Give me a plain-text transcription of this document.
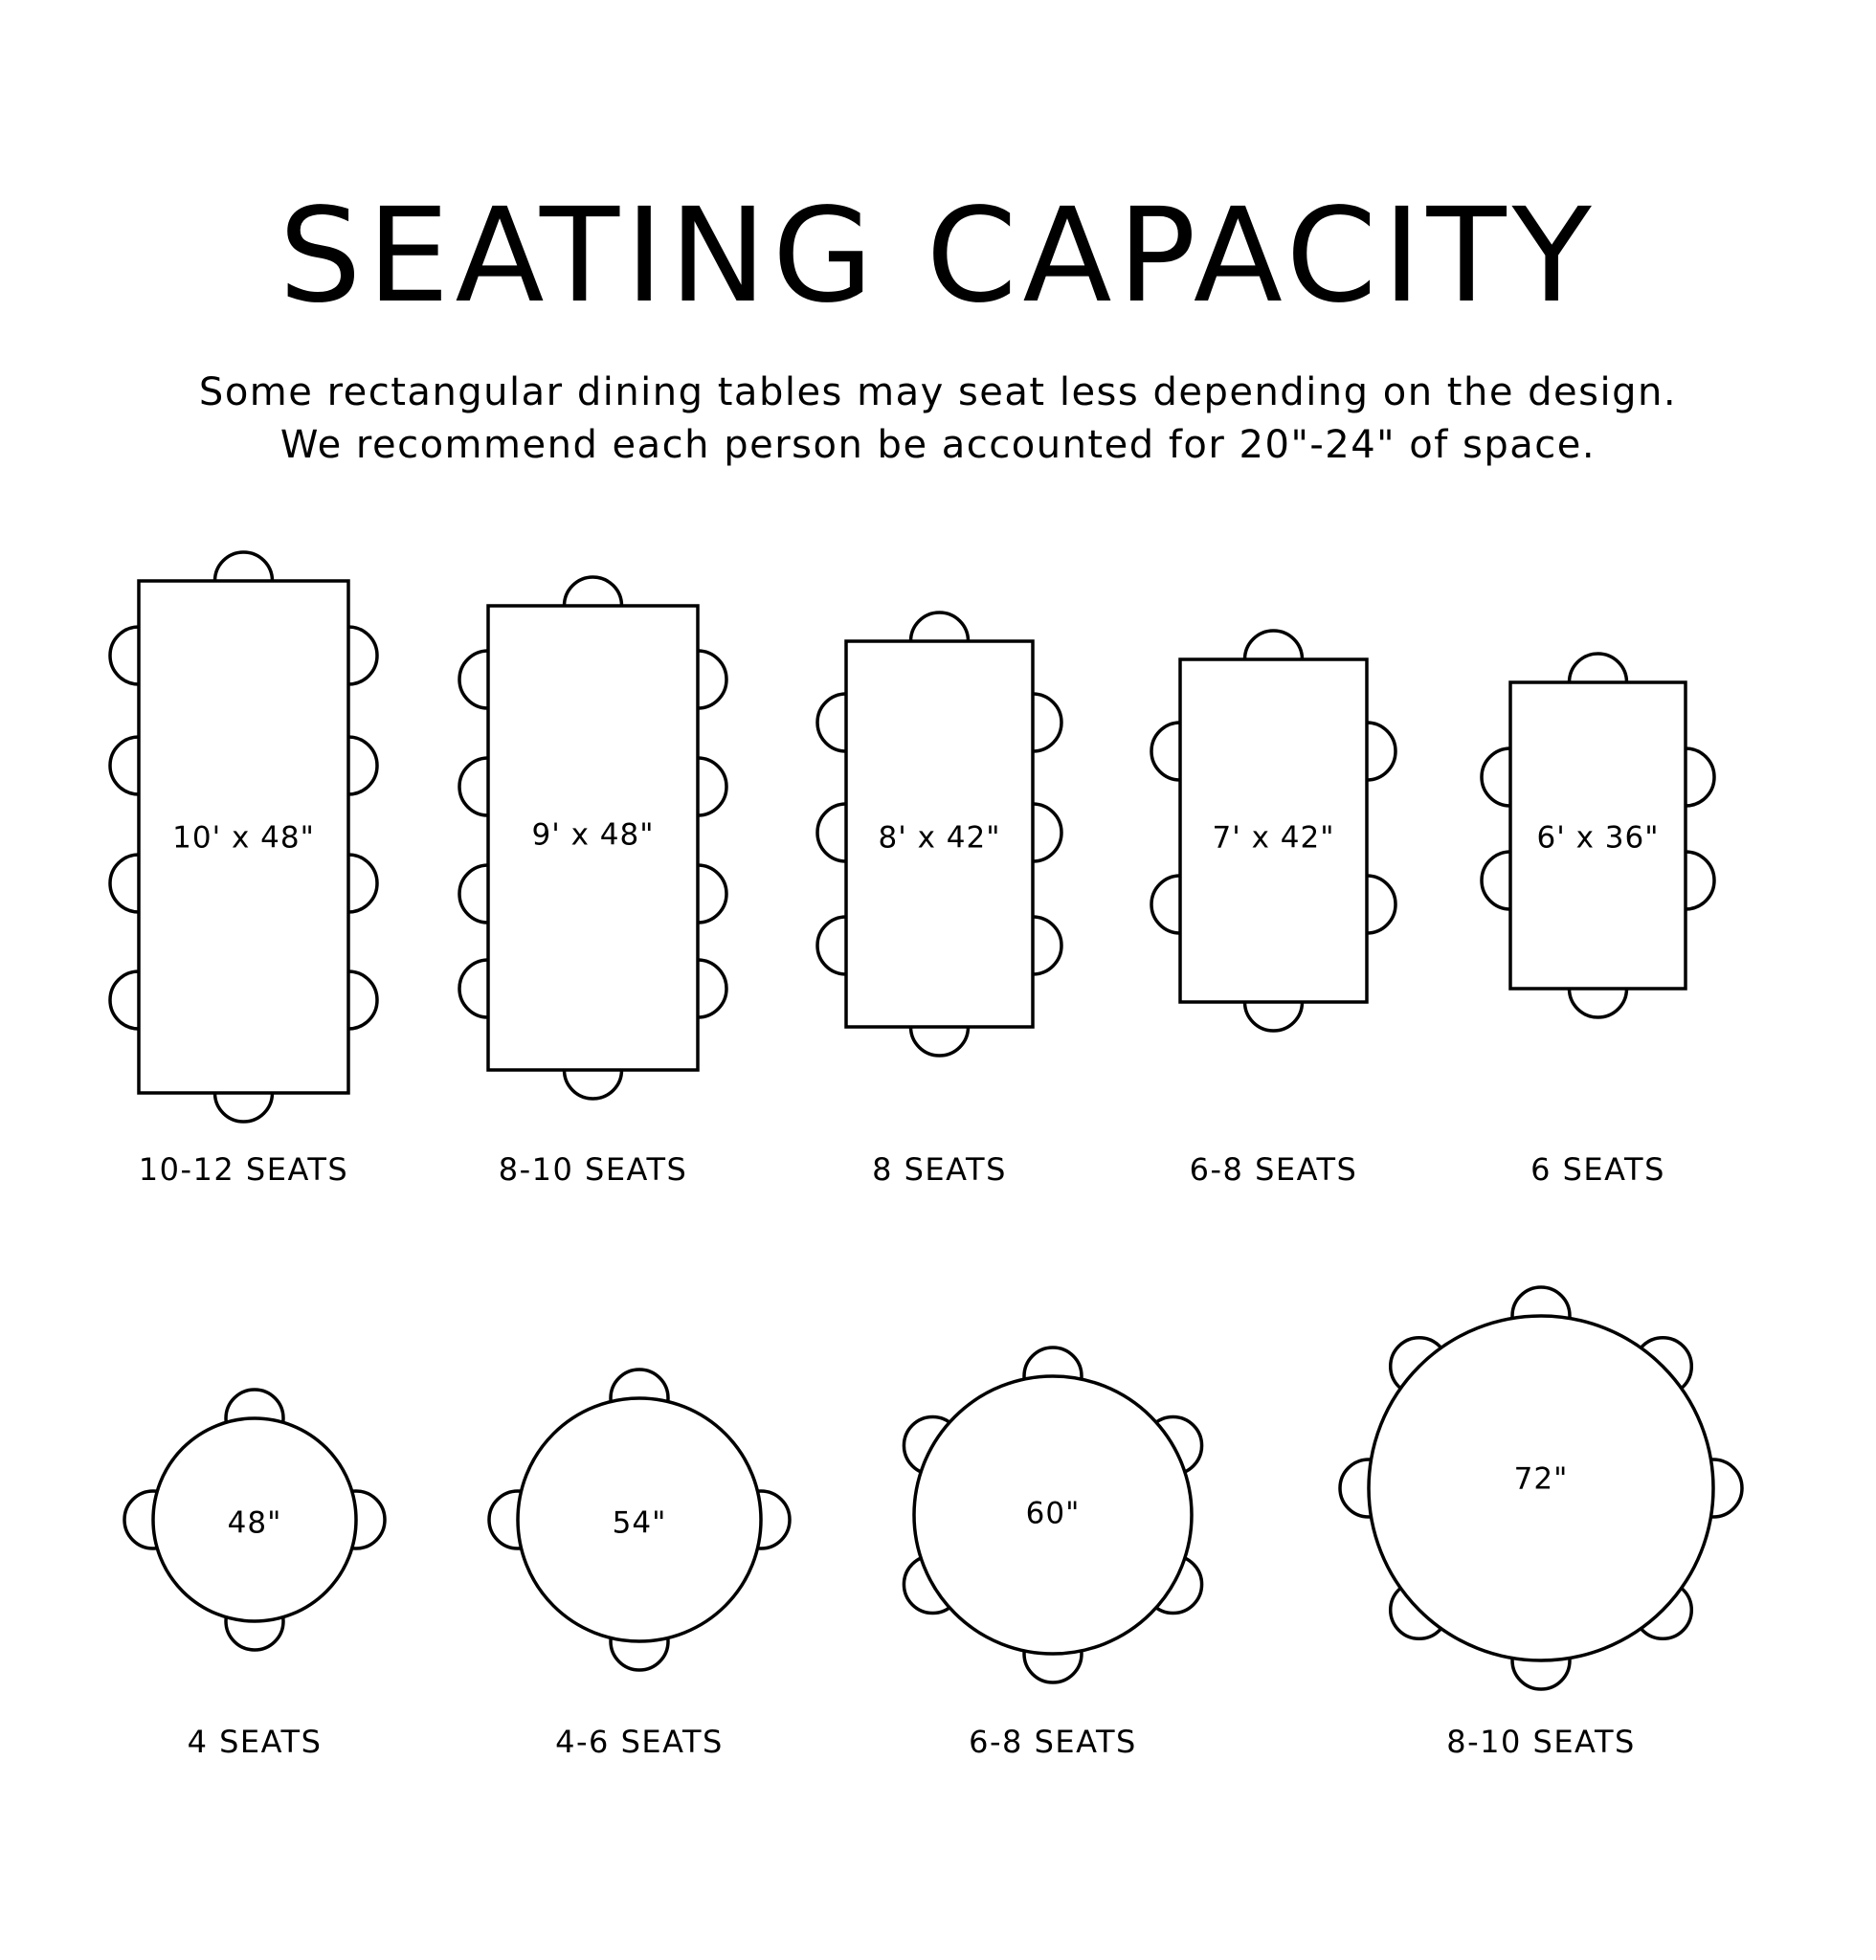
SEATING CAPACITY
Some rectangular dining tables may seat less depending on the design.
We recommend each person be accounted for 20"-24" of space.
10' x 48"
10-12 SEATS
9' x 48"
8-10 SEATS
8' x 42"
8 SEATS
7' x 42"
6-8 SEATS
6' x 36"
6 SEATS
48"
4 SEATS
54"
4-6 SEATS
60"
6-8 SEATS
72"
8-10 SEATS
